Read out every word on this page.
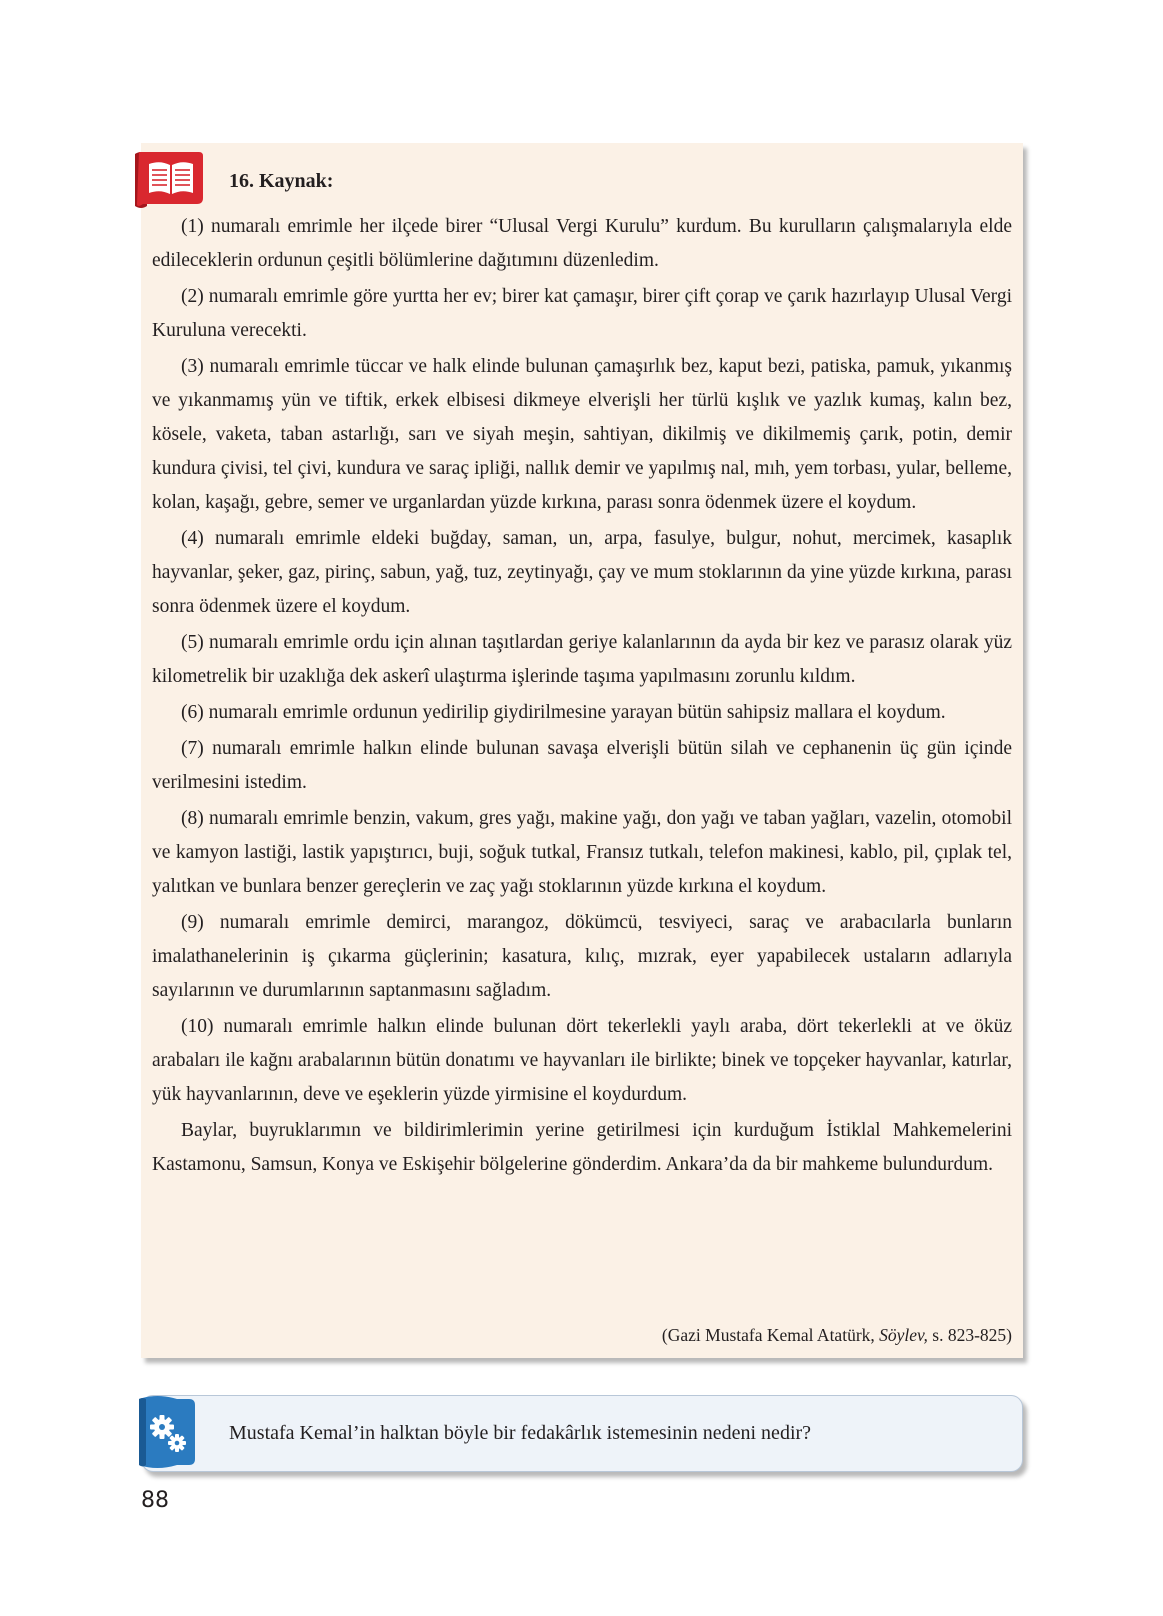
16. Kaynak:

(1) numaralı emrimle her ilçede birer “Ulusal Vergi Kurulu” kurdum. Bu kurulların çalışmalarıyla elde edileceklerin ordunun çeşitli bölümlerine dağıtımını düzenledim.

(2) numaralı emrimle göre yurtta her ev; birer kat çamaşır, birer çift çorap ve çarık hazırlayıp Ulusal Vergi Kuruluna verecekti.

(3) numaralı emrimle tüccar ve halk elinde bulunan çamaşırlık bez, kaput bezi, patiska, pamuk, yıkanmış ve yıkanmamış yün ve tiftik, erkek elbisesi dikmeye elverişli her türlü kışlık ve yazlık kumaş, kalın bez, kösele, vaketa, taban astarlığı, sarı ve siyah meşin, sahtiyan, dikilmiş ve dikilmemiş çarık, potin, demir kundura çivisi, tel çivi, kundura ve saraç ipliği, nallık demir ve yapılmış nal, mıh, yem torbası, yular, belleme, kolan, kaşağı, gebre, semer ve urganlardan yüzde kırkına, parası sonra ödenmek üzere el koydum.

(4) numaralı emrimle eldeki buğday, saman, un, arpa, fasulye, bulgur, nohut, mercimek, kasaplık hayvanlar, şeker, gaz, pirinç, sabun, yağ, tuz, zeytinyağı, çay ve mum stoklarının da yine yüzde kırkına, parası sonra ödenmek üzere el koydum.

(5) numaralı emrimle ordu için alınan taşıtlardan geriye kalanlarının da ayda bir kez ve parasız olarak yüz kilometrelik bir uzaklığa dek askerî ulaştırma işlerinde taşıma yapılmasını zorunlu kıldım.

(6) numaralı emrimle ordunun yedirilip giydirilmesine yarayan bütün sahipsiz mallara el koydum.

(7) numaralı emrimle halkın elinde bulunan savaşa elverişli bütün silah ve cephanenin üç gün içinde verilmesini istedim.

(8) numaralı emrimle benzin, vakum, gres yağı, makine yağı, don yağı ve taban yağları, vazelin, otomobil ve kamyon lastiği, lastik yapıştırıcı, buji, soğuk tutkal, Fransız tutkalı, telefon makinesi, kablo, pil, çıplak tel, yalıtkan ve bunlara benzer gereçlerin ve zaç yağı stoklarının yüzde kırkına el koydum.

(9) numaralı emrimle demirci, marangoz, dökümcü, tesviyeci, saraç ve arabacılarla bunların imalathanelerinin iş çıkarma güçlerinin; kasatura, kılıç, mızrak, eyer yapabilecek ustaların adlarıyla sayılarının ve durumlarının saptanmasını sağladım.

(10) numaralı emrimle halkın elinde bulunan dört tekerlekli yaylı araba, dört tekerlekli at ve öküz arabaları ile kağnı arabalarının bütün donatımı ve hayvanları ile birlikte; binek ve topçeker hayvanlar, katırlar, yük hayvanlarının, deve ve eşeklerin yüzde yirmisine el koydurdum.

Baylar, buyruklarımın ve bildirimlerimin yerine getirilmesi için kurduğum İstiklal Mahkemelerini Kastamonu, Samsun, Konya ve Eskişehir bölgelerine gönderdim. Ankara’da da bir mahkeme bulundurdum.

(Gazi Mustafa Kemal Atatürk, Söylev, s. 823-825)

Mustafa Kemal’in halktan böyle bir fedakârlık istemesinin nedeni nedir?

88
